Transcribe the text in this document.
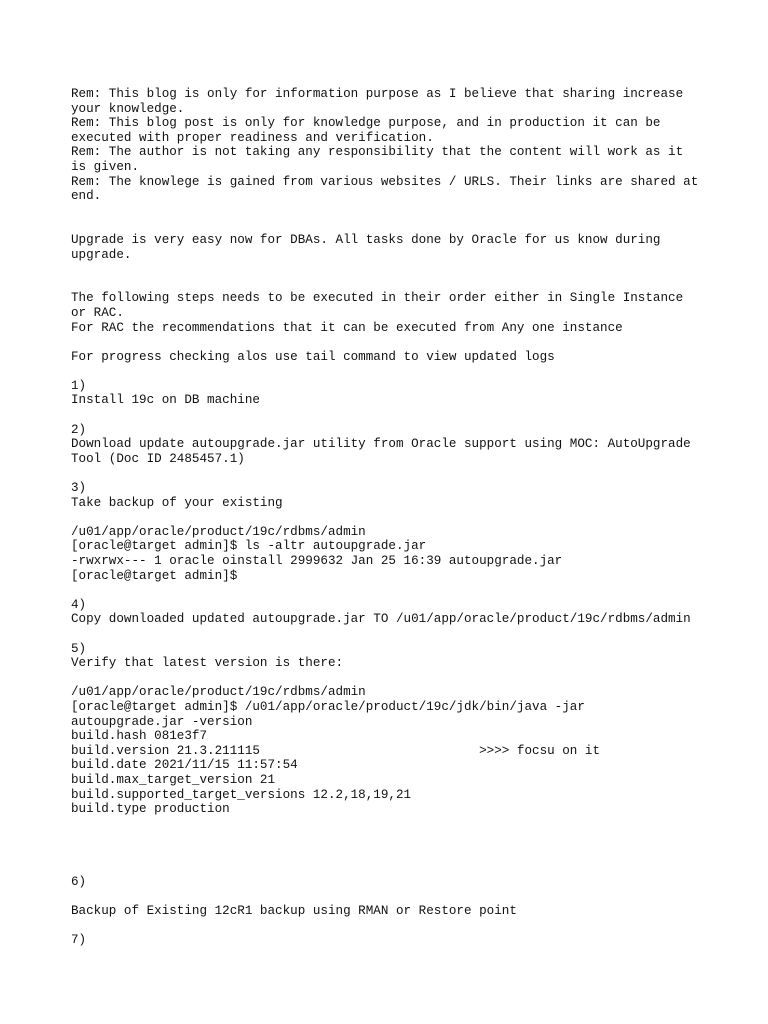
Rem: This blog is only for information purpose as I believe that sharing increase
your knowledge.
Rem: This blog post is only for knowledge purpose, and in production it can be
executed with proper readiness and verification.
Rem: The author is not taking any responsibility that the content will work as it
is given.
Rem: The knowlege is gained from various websites / URLS. Their links are shared at
end.
Upgrade is very easy now for DBAs. All tasks done by Oracle for us know during
upgrade.
The following steps needs to be executed in their order either in Single Instance
or RAC.
For RAC the recommendations that it can be executed from Any one instance
For progress checking alos use tail command to view updated logs
1)
Install 19c on DB machine
2)
Download update autoupgrade.jar utility from Oracle support using MOC: AutoUpgrade
Tool (Doc ID 2485457.1)
3)
Take backup of your existing
/u01/app/oracle/product/19c/rdbms/admin
[oracle@target admin]$ ls -altr autoupgrade.jar
-rwxrwx--- 1 oracle oinstall 2999632 Jan 25 16:39 autoupgrade.jar
[oracle@target admin]$
4)
Copy downloaded updated autoupgrade.jar TO /u01/app/oracle/product/19c/rdbms/admin
5)
Verify that latest version is there:
/u01/app/oracle/product/19c/rdbms/admin
[oracle@target admin]$ /u01/app/oracle/product/19c/jdk/bin/java -jar
autoupgrade.jar -version
build.hash 081e3f7
build.version 21.3.211115                             >>>> focsu on it
build.date 2021/11/15 11:57:54
build.max_target_version 21
build.supported_target_versions 12.2,18,19,21
build.type production
6)
Backup of Existing 12cR1 backup using RMAN or Restore point
7)
